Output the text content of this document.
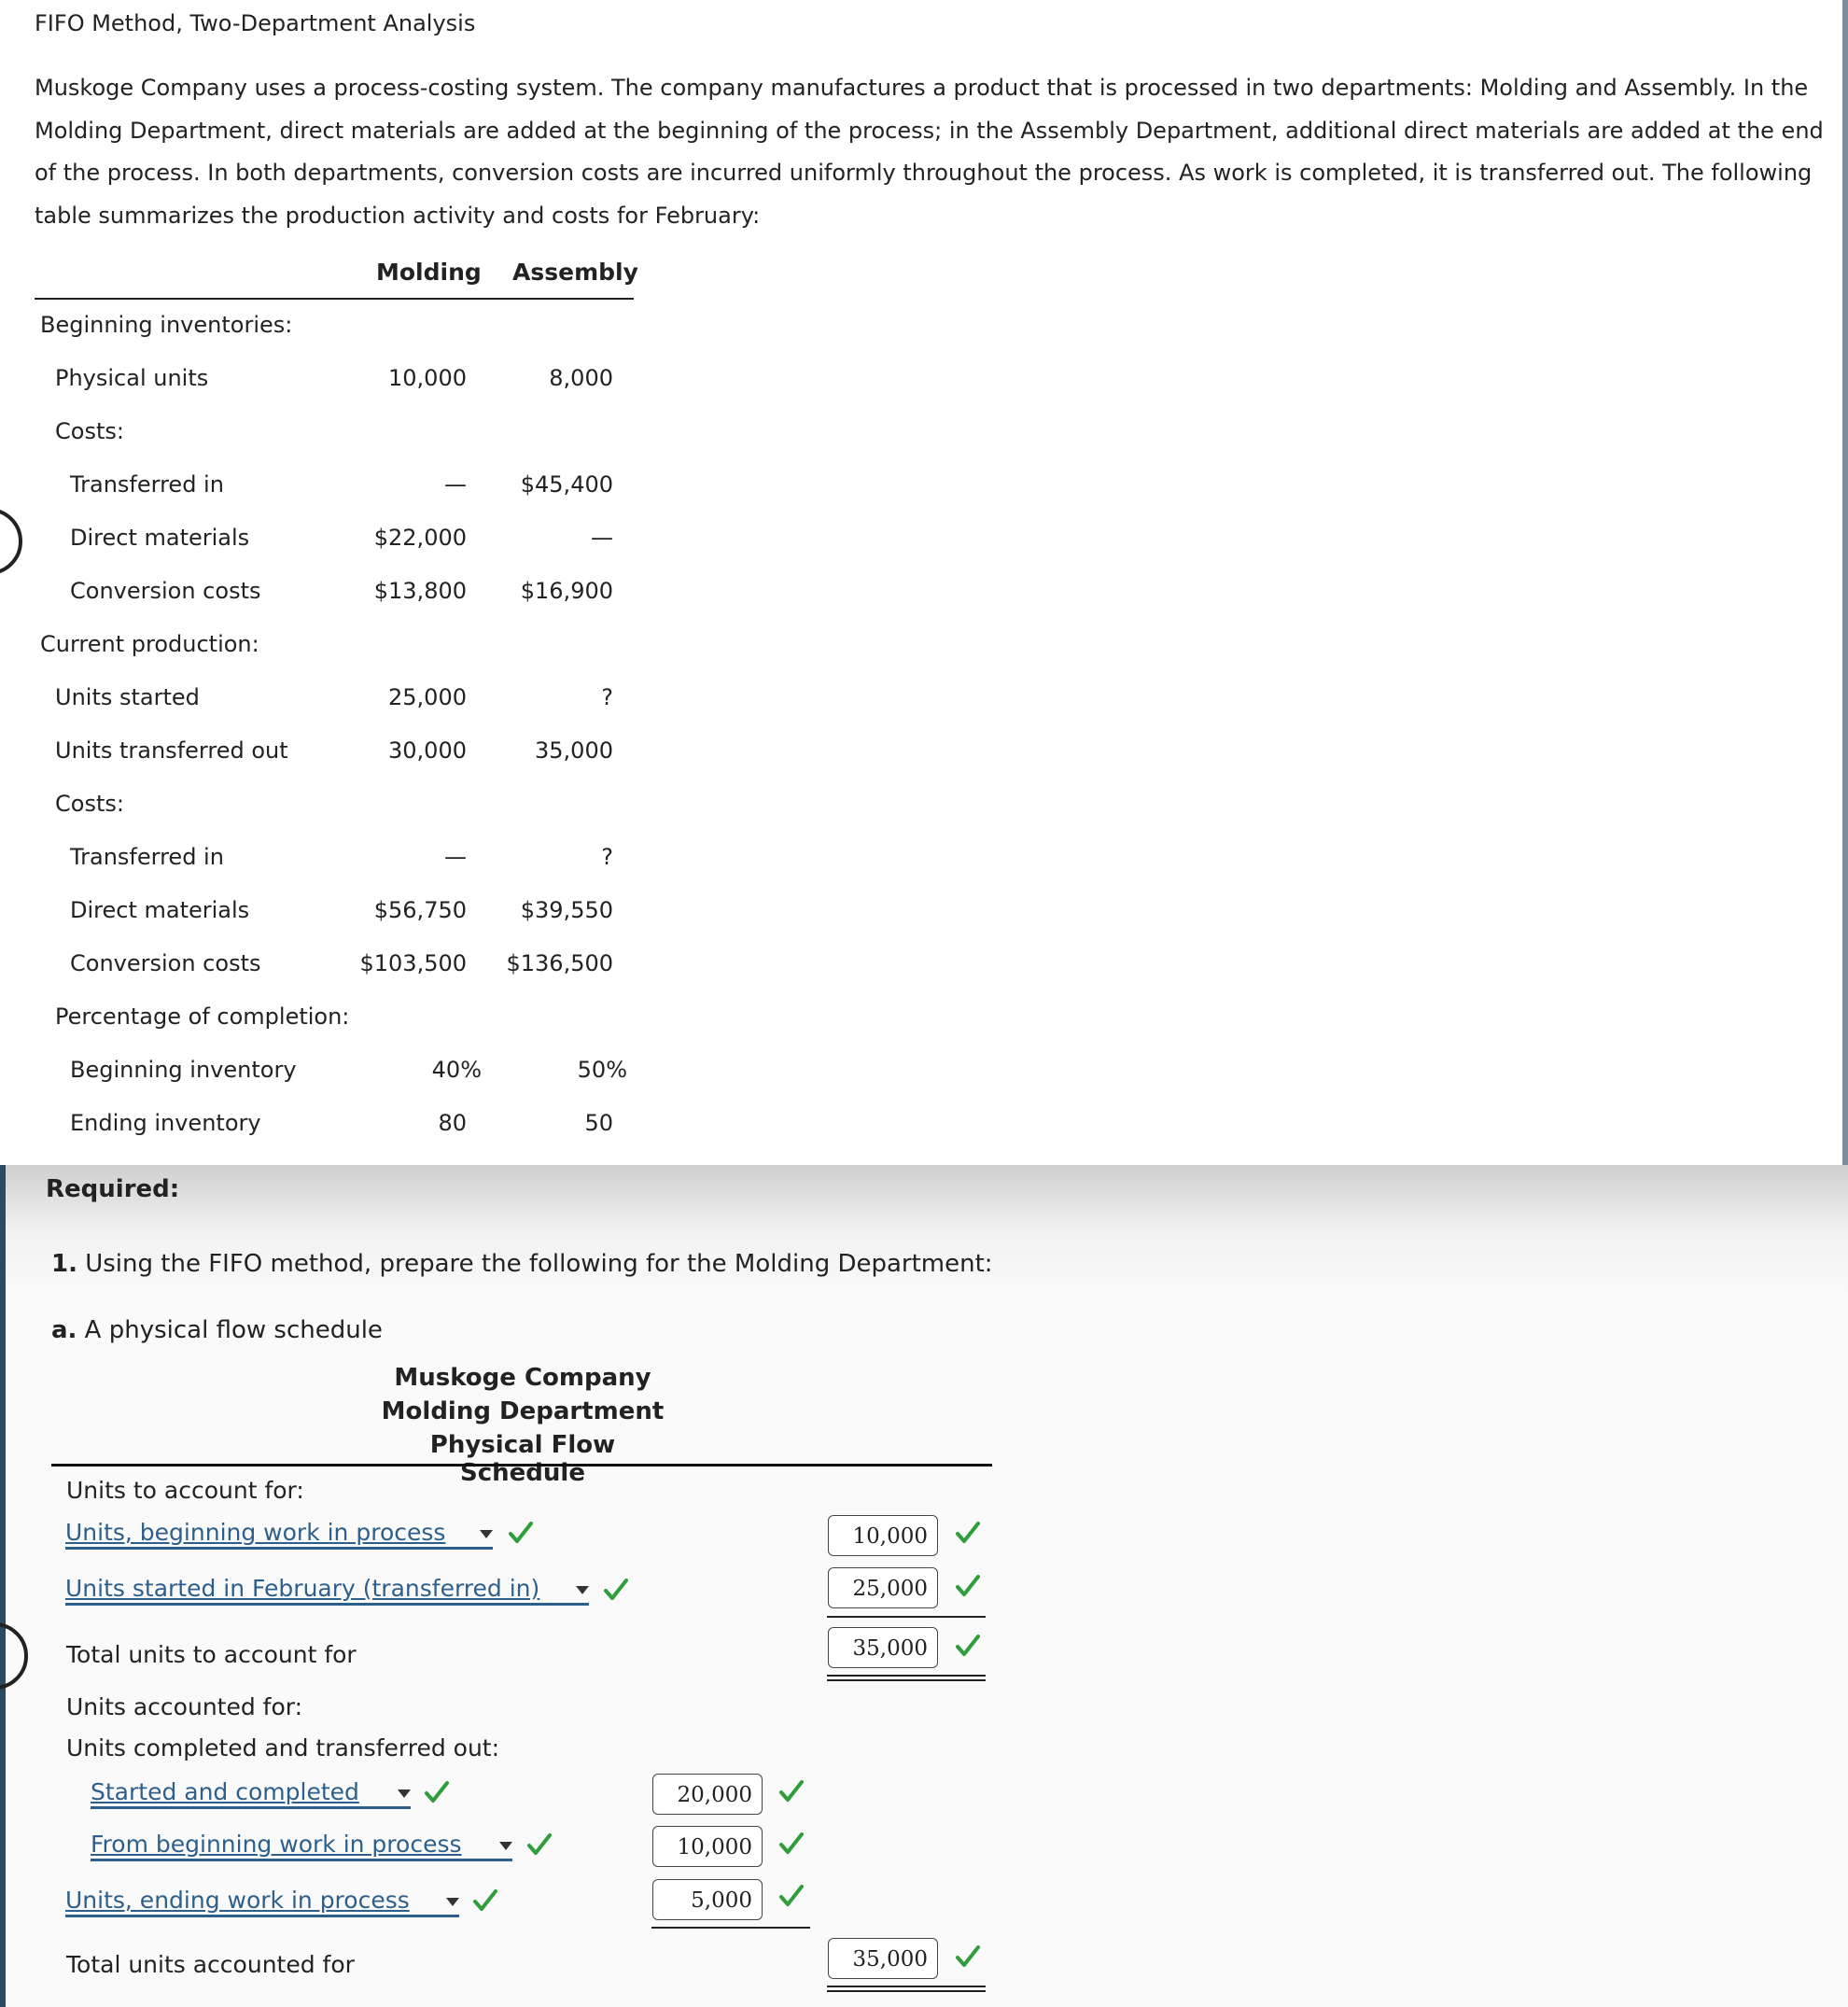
FIFO Method, Two-Department Analysis

Muskoge Company uses a process-costing system. The company manufactures a product that is processed in two departments: Molding and Assembly. In the Molding Department, direct materials are added at the beginning of the process; in the Assembly Department, additional direct materials are added at the end of the process. In both departments, conversion costs are incurred uniformly throughout the process. As work is completed, it is transferred out. The following table summarizes the production activity and costs for February:

Molding Assembly
Beginning inventories:
Physical units	10,000	8,000
Costs:
Transferred in	— $45,400
Direct materials	$22,000	—
Conversion costs	$13,800 $16,900
Current production:
Units started	25,000	?
Units transferred out	30,000	35,000
Costs:
Transferred in	—	?
Direct materials	$56,750 $39,550
Conversion costs	$103,500 $136,500
Percentage of completion:
Beginning inventory	40%	50%
Ending inventory	80	50
Required:
1. Using the FIFO method, prepare the following for the Molding Department:
a. A physical flow schedule
Muskoge Company
Molding Department
Physical Flow Schedule
Units to account for:
Units, beginning work in process	10,000
Units started in February (transferred in)	25,000
Total units to account for	35,000
Units accounted for:
Units completed and transferred out:
Started and completed	20,000
From beginning work in process	10,000
Units, ending work in process	5,000
Total units accounted for	35,000
